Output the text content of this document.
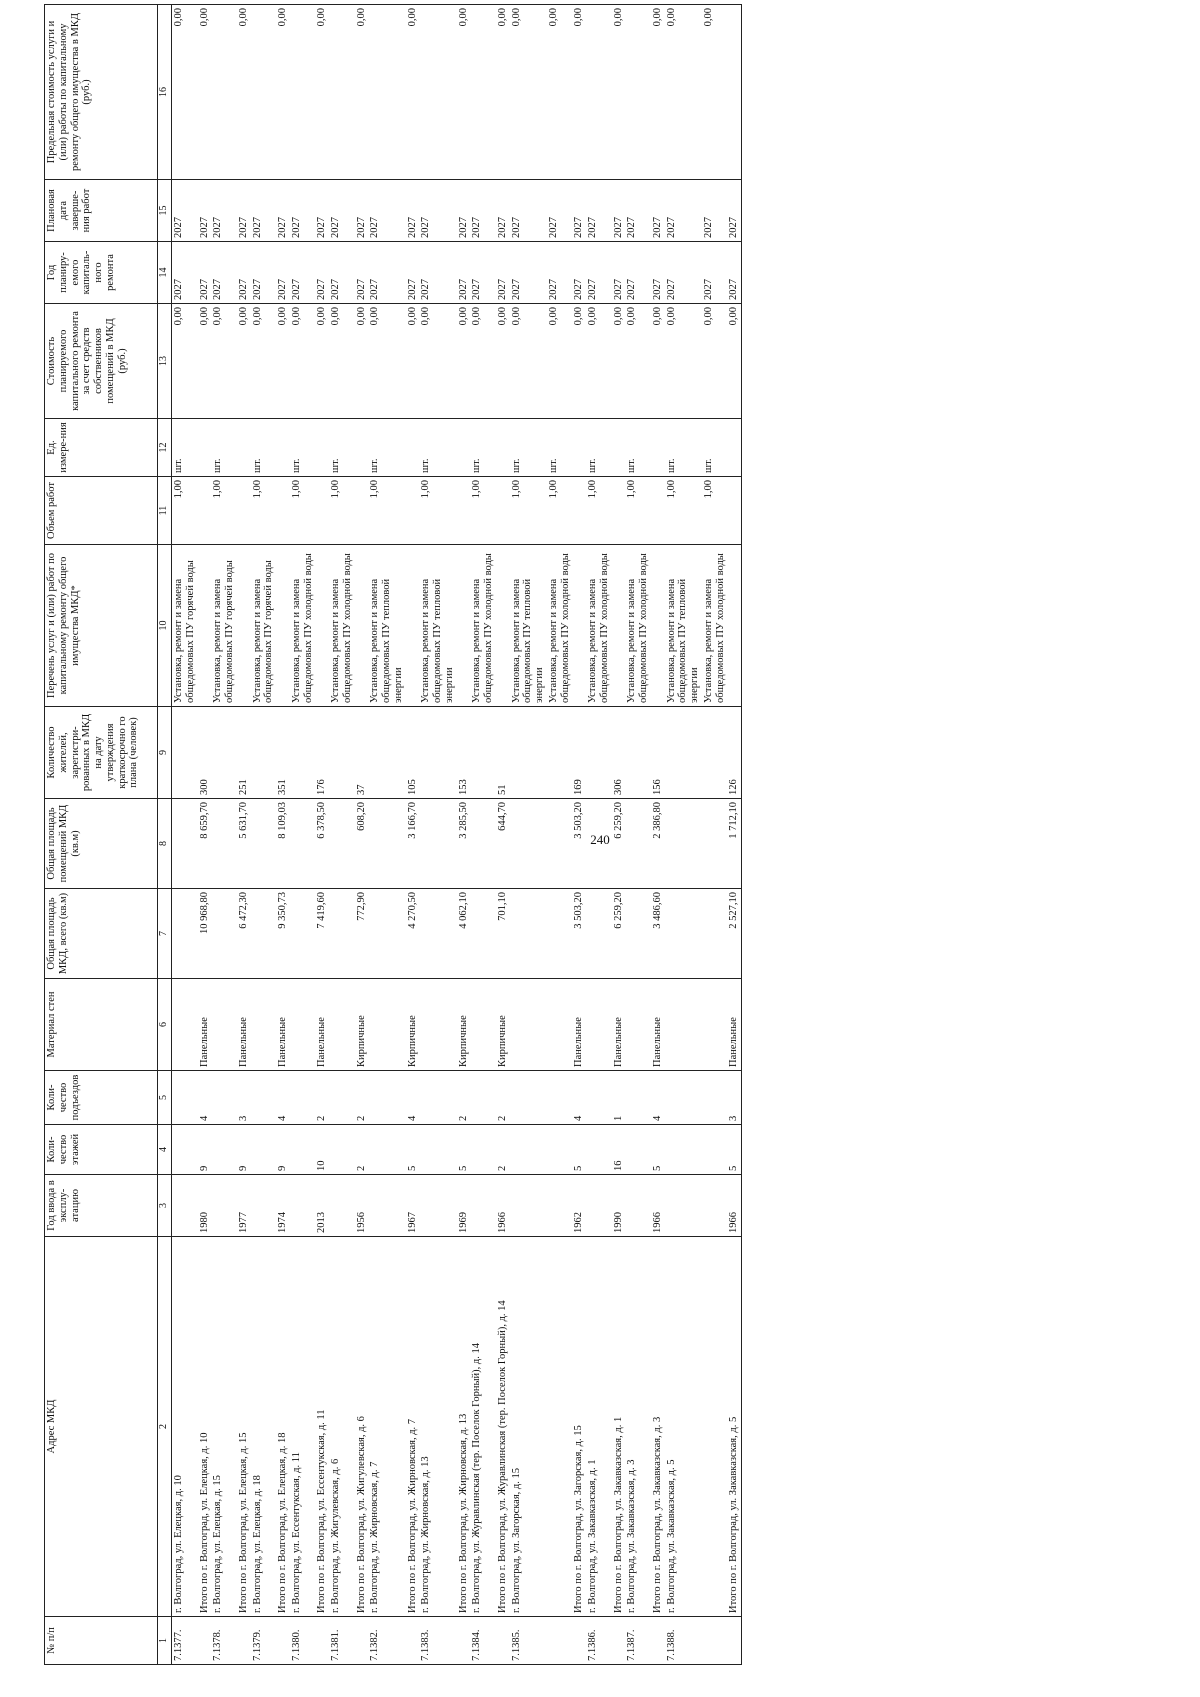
240
№ п/п	Адрес МКД	Год ввода в эксплу-атацию	Коли-чество этажей	Коли-чество подъездов	Материал стен	Общая площадь МКД, всего (кв.м)	Общая площадь помещений МКД (кв.м)	Количество жителей, зарегистри-рованных в МКД на дату утверждения краткосрочно го плана (человек)	Перечень услуг и (или) работ по капитальному ремонту общего имущества МКД*	Объем работ	Ед. измере-ния	Стоимость планируемого капитального ремонта за счет средств собственников помещений в МКД (руб.)	Год планиру-емого капиталь-ного ремонта	Плановая дата заверше-ния работ	Предельная стоимость услуги и (или) работы по капитальному ремонту общего имущества в МКД (руб.)
1	2	3	4	5	6	7	8	9	10	11	12	13	14	15	16
7.1377.	г. Волгоград, ул. Елецкая, д. 10								Установка, ремонт и замена общедомовых ПУ горячей воды	1,00	шт.	0,00	2027	2027	0,00
	Итого по г. Волгоград, ул. Елецкая, д. 10	1980	9	4	Панельные	10 968,80	8 659,70	300				0,00	2027	2027	0,00
7.1378.	г. Волгоград, ул. Елецкая, д. 15								Установка, ремонт и замена общедомовых ПУ горячей воды	1,00	шт.	0,00	2027	2027	
	Итого по г. Волгоград, ул. Елецкая, д. 15	1977	9	3	Панельные	6 472,30	5 631,70	251				0,00	2027	2027	0,00
7.1379.	г. Волгоград, ул. Елецкая, д. 18								Установка, ремонт и замена общедомовых ПУ горячей воды	1,00	шт.	0,00	2027	2027	
	Итого по г. Волгоград, ул. Елецкая, д. 18	1974	9	4	Панельные	9 350,73	8 109,03	351				0,00	2027	2027	0,00
7.1380.	г. Волгоград, ул. Ессентукская, д. 11								Установка, ремонт и замена общедомовых ПУ холодной воды	1,00	шт.	0,00	2027	2027	
	Итого по г. Волгоград, ул. Ессентукская, д. 11	2013	10	2	Панельные	7 419,60	6 378,50	176				0,00	2027	2027	0,00
7.1381.	г. Волгоград, ул. Жигулевская, д. 6								Установка, ремонт и замена общедомовых ПУ холодной воды	1,00	шт.	0,00	2027	2027	
	Итого по г. Волгоград, ул. Жигулевская, д. 6	1956	2	2	Кирпичные	772,90	608,20	37				0,00	2027	2027	0,00
7.1382.	г. Волгоград, ул. Жирновская, д. 7								Установка, ремонт и замена общедомовых ПУ тепловой энергии	1,00	шт.	0,00	2027	2027	
	Итого по г. Волгоград, ул. Жирновская, д. 7	1967	5	4	Кирпичные	4 270,50	3 166,70	105				0,00	2027	2027	0,00
7.1383.	г. Волгоград, ул. Жирновская, д. 13								Установка, ремонт и замена общедомовых ПУ тепловой энергии	1,00	шт.	0,00	2027	2027	
	Итого по г. Волгоград, ул. Жирновская, д. 13	1969	5	2	Кирпичные	4 062,10	3 285,50	153				0,00	2027	2027	0,00
7.1384.	г. Волгоград, ул. Журавлинская (тер. Поселок Горный), д. 14								Установка, ремонт и замена общедомовых ПУ холодной воды	1,00	шт.	0,00	2027	2027	
	Итого по г. Волгоград, ул. Журавлинская (тер. Поселок Горный), д. 14	1966	2	2	Кирпичные	701,10	644,70	51				0,00	2027	2027	0,00
7.1385.	г. Волгоград, ул. Загорская, д. 15								Установка, ремонт и замена общедомовых ПУ тепловой энергии	1,00	шт.	0,00	2027	2027	0,00
									Установка, ремонт и замена общедомовых ПУ холодной воды	1,00	шт.	0,00	2027	2027	0,00
	Итого по г. Волгоград, ул. Загорская, д. 15	1962	5	4	Панельные	3 503,20	3 503,20	169				0,00	2027	2027	0,00
7.1386.	г. Волгоград, ул. Закавказская, д. 1								Установка, ремонт и замена общедомовых ПУ холодной воды	1,00	шт.	0,00	2027	2027	
	Итого по г. Волгоград, ул. Закавказская, д. 1	1990	16	1	Панельные	6 259,20	6 259,20	306				0,00	2027	2027	0,00
7.1387.	г. Волгоград, ул. Закавказская, д. 3								Установка, ремонт и замена общедомовых ПУ холодной воды	1,00	шт.	0,00	2027	2027	
	Итого по г. Волгоград, ул. Закавказская, д. 3	1966	5	4	Панельные	3 486,60	2 386,80	156				0,00	2027	2027	0,00
7.1388.	г. Волгоград, ул. Закавказская, д. 5								Установка, ремонт и замена общедомовых ПУ тепловой энергии	1,00	шт.	0,00	2027	2027	0,00
									Установка, ремонт и замена общедомовых ПУ холодной воды	1,00	шт.	0,00	2027	2027	0,00
	Итого по г. Волгоград, ул. Закавказская, д. 5	1966	5	3	Панельные	2 527,10	1 712,10	126				0,00	2027	2027	
